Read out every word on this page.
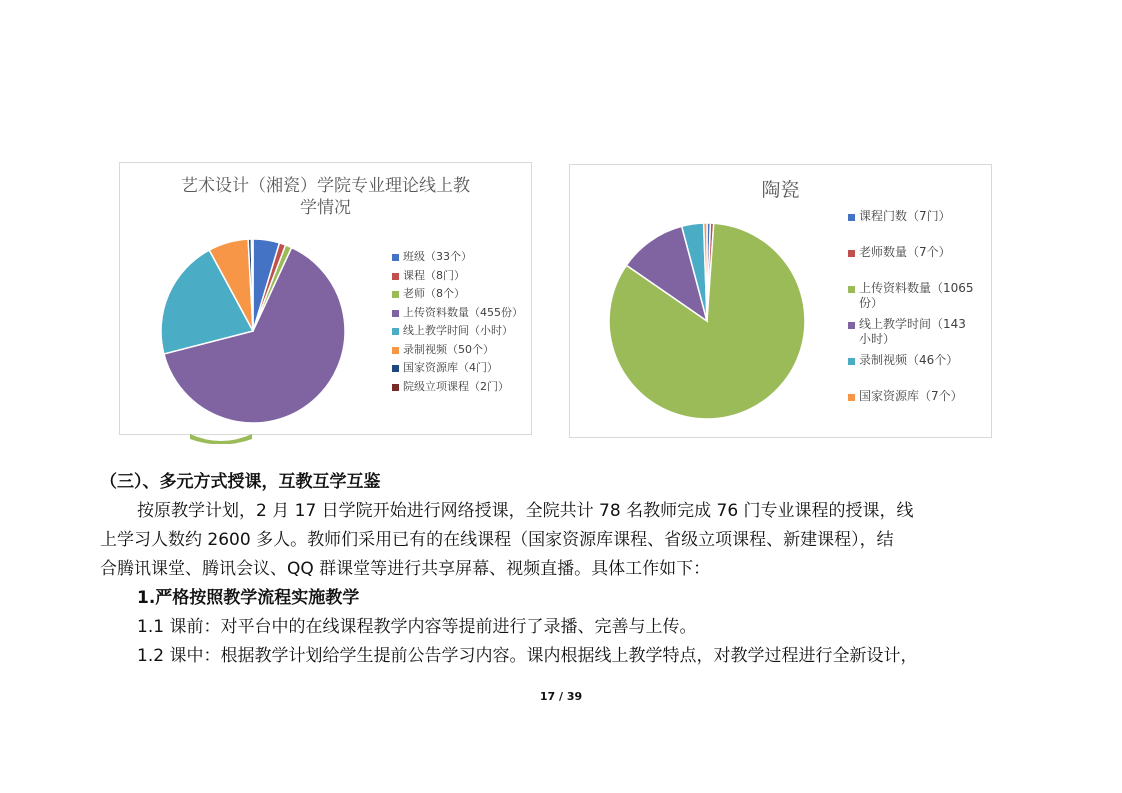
艺术设计（湘瓷）学院专业理论线上教
学情况
班级（33个）
课程（8门）
老师（8个）
上传资料数量（455份）
线上教学时间（小时）
录制视频（50个）
国家资源库（4门）
院级立项课程（2门）
陶瓷
课程门数（7门）
老师数量（7个）
上传资料数量（1065
份）
线上教学时间（143
小时）
录制视频（46个）
国家资源库（7个）
（三）、多元方式授课，互教互学互鉴
按原教学计划，2 月 17 日学院开始进行网络授课，全院共计 78 名教师完成 76 门专业课程的授课，线
上学习人数约 2600 多人。教师们采用已有的在线课程（国家资源库课程、省级立项课程、新建课程），结
合腾讯课堂、腾讯会议、QQ 群课堂等进行共享屏幕、视频直播。具体工作如下：
1.严格按照教学流程实施教学
1.1 课前：对平台中的在线课程教学内容等提前进行了录播、完善与上传。
1.2 课中：根据教学计划给学生提前公告学习内容。课内根据线上教学特点，对教学过程进行全新设计，
17 / 39
